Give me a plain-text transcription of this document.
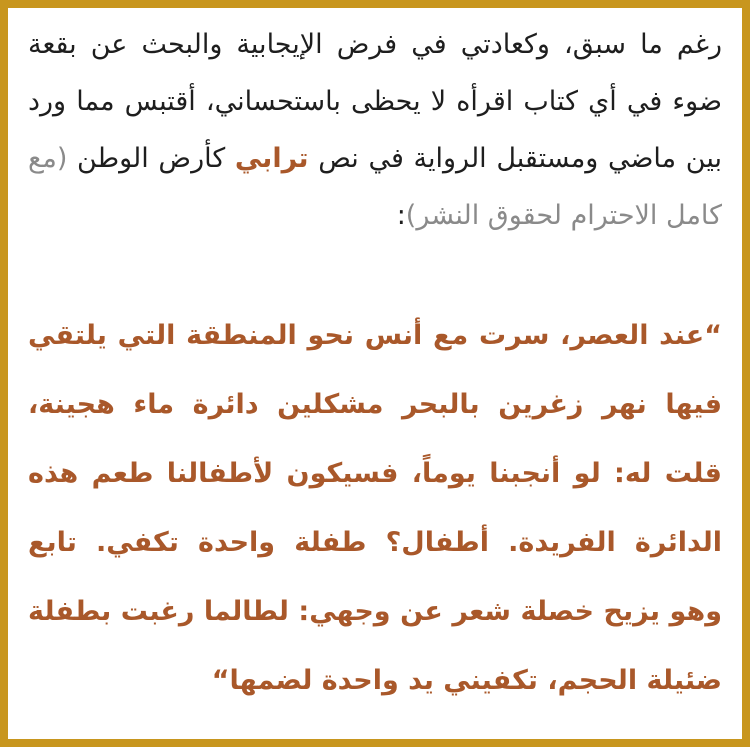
رغم ما سبق، وكعادتي في فرض الإيجابية والبحث عن بقعة ضوء في أي كتاب اقرأه لا يحظى باستحساني، أقتبس مما ورد بين ماضي ومستقبل الرواية في نص ترابي كأرض الوطن (مع كامل الاحترام لحقوق النشر):

“عند العصر، سرت مع أنس نحو المنطقة التي يلتقي فيها نهر زغرين بالبحر مشكلين دائرة ماء هجينة، قلت له: لو أنجبنا يوماً، فسيكون لأطفالنا طعم هذه الدائرة الفريدة. أطفال؟ طفلة واحدة تكفي. تابع وهو يزيح خصلة شعر عن وجهي: لطالما رغبت بطفلة ضئيلة الحجم، تكفيني يد واحدة لضمها“
